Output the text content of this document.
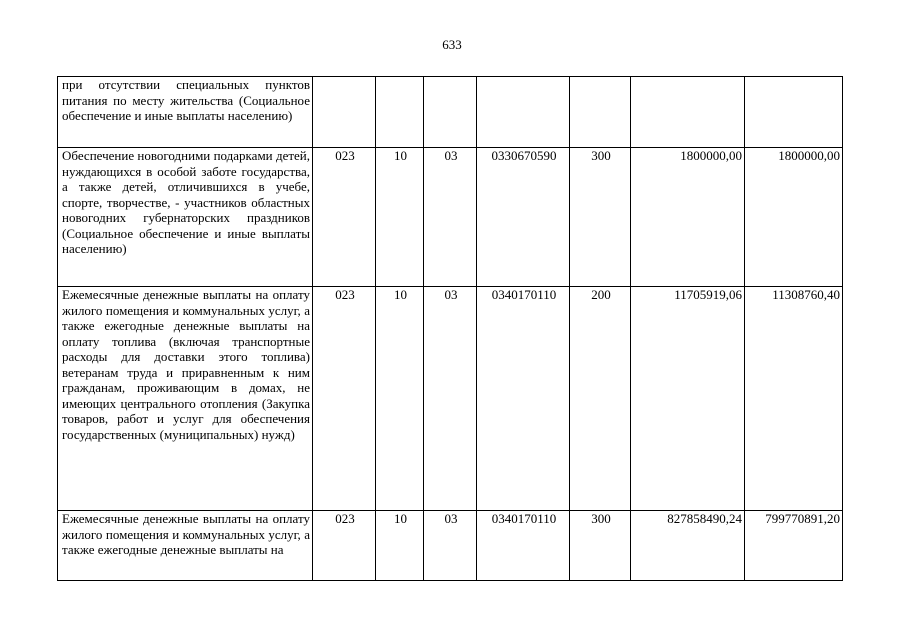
633
при отсутствии специальных пунктов питания по месту жительства (Социальное обеспечение и иные выплаты населению)							
Обеспечение новогодними подарками детей, нуждающихся в особой заботе государства, а также детей, отличившихся в учебе, спорте, творчестве, - участников областных новогодних губернаторских праздников (Социальное обеспечение и иные выплаты населению)	023	10	03	0330670590	300	1800000,00	1800000,00
Ежемесячные денежные выплаты на оплату жилого помещения и коммунальных услуг, а также ежегодные денежные выплаты на оплату топлива (включая транспортные расходы для доставки этого топлива) ветеранам труда и приравненным к ним гражданам, проживающим в домах, не имеющих центрального отопления (Закупка товаров, работ и услуг для обеспечения государственных (муниципальных) нужд)	023	10	03	0340170110	200	11705919,06	11308760,40
Ежемесячные денежные выплаты на оплату жилого помещения и коммунальных услуг, а также ежегодные денежные выплаты на	023	10	03	0340170110	300	827858490,24	799770891,20
